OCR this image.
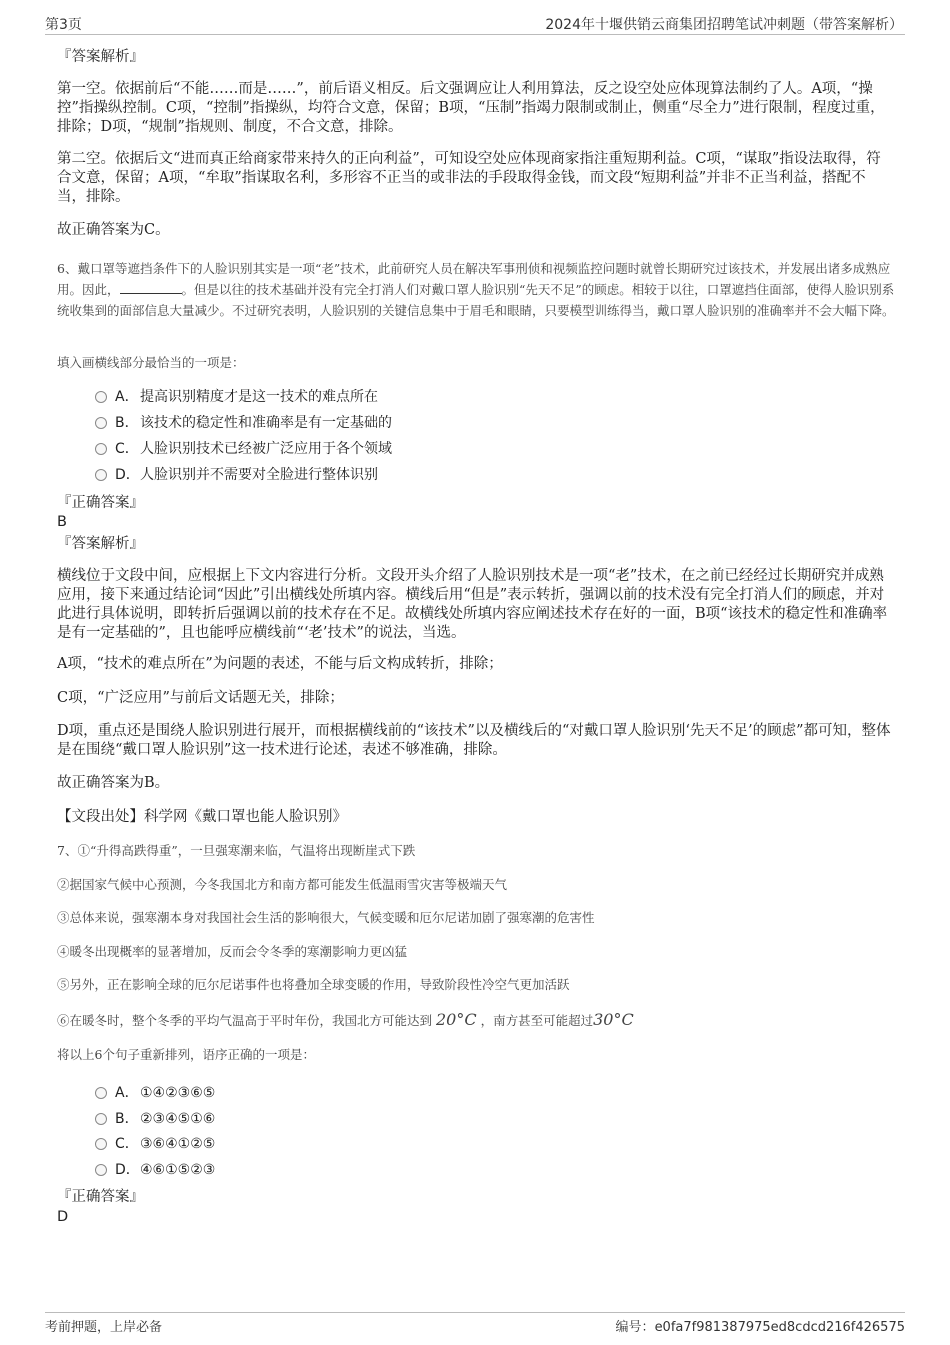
第3页	2024年十堰供销云商集团招聘笔试冲刺题（带答案解析）
『答案解析』
第一空。依据前后“不能……而是……”，前后语义相反。后文强调应让人利用算法，反之设空处应体现算法制约了人。A项，“操控”指操纵控制。C项，“控制”指操纵，均符合文意，保留；B项，“压制”指竭力限制或制止，侧重“尽全力”进行限制，程度过重，排除；D项，“规制”指规则、制度，不合文意，排除。
第二空。依据后文“进而真正给商家带来持久的正向利益”，可知设空处应体现商家指注重短期利益。C项，“谋取”指设法取得，符合文意，保留；A项，“牟取”指谋取名利，多形容不正当的或非法的手段取得金钱，而文段“短期利益”并非不正当利益，搭配不当，排除。
故正确答案为C。
6、戴口罩等遮挡条件下的人脸识别其实是一项“老”技术，此前研究人员在解决军事刑侦和视频监控问题时就曾长期研究过该技术，并发展出诸多成熟应用。因此，	。但是以往的技术基础并没有完全打消人们对戴口罩人脸识别“先天不足”的顾虑。相较于以往，口罩遮挡住面部，使得人脸识别系统收集到的面部信息大量减少。不过研究表明，人脸识别的关键信息集中于眉毛和眼睛，只要模型训练得当，戴口罩人脸识别的准确率并不会大幅下降。
填入画横线部分最恰当的一项是：
A．提高识别精度才是这一技术的难点所在
B．该技术的稳定性和准确率是有一定基础的
C．人脸识别技术已经被广泛应用于各个领域
D．人脸识别并不需要对全脸进行整体识别
『正确答案』
B
『答案解析』
横线位于文段中间，应根据上下文内容进行分析。文段开头介绍了人脸识别技术是一项“老”技术，在之前已经经过长期研究并成熟应用，接下来通过结论词“因此”引出横线处所填内容。横线后用“但是”表示转折，强调以前的技术没有完全打消人们的顾虑，并对此进行具体说明，即转折后强调以前的技术存在不足。故横线处所填内容应阐述技术存在好的一面，B项“该技术的稳定性和准确率是有一定基础的”，且也能呼应横线前“‘老’技术”的说法，当选。
A项，“技术的难点所在”为问题的表述，不能与后文构成转折，排除；
C项，“广泛应用”与前后文话题无关，排除；
D项，重点还是围绕人脸识别进行展开，而根据横线前的“该技术”以及横线后的“对戴口罩人脸识别‘先天不足’的顾虑”都可知，整体是在围绕“戴口罩人脸识别”这一技术进行论述，表述不够准确，排除。
故正确答案为B。
【文段出处】科学网《戴口罩也能人脸识别》
7、①“升得高跌得重”，一旦强寒潮来临，气温将出现断崖式下跌
②据国家气候中心预测，今冬我国北方和南方都可能发生低温雨雪灾害等极端天气
③总体来说，强寒潮本身对我国社会生活的影响很大，气候变暖和厄尔尼诺加剧了强寒潮的危害性
④暖冬出现概率的显著增加，反而会令冬季的寒潮影响力更凶猛
⑤另外，正在影响全球的厄尔尼诺事件也将叠加全球变暖的作用，导致阶段性冷空气更加活跃
⑥在暖冬时，整个冬季的平均气温高于平时年份，我国北方可能达到 20°C ，南方甚至可能超过30°C
将以上6个句子重新排列，语序正确的一项是：
A．①④②③⑥⑤
B．②③④⑤①⑥
C．③⑥④①②⑤
D．④⑥①⑤②③
『正确答案』
D
考前押题，上岸必备	编号：e0fa7f981387975ed8cdcd216f426575
